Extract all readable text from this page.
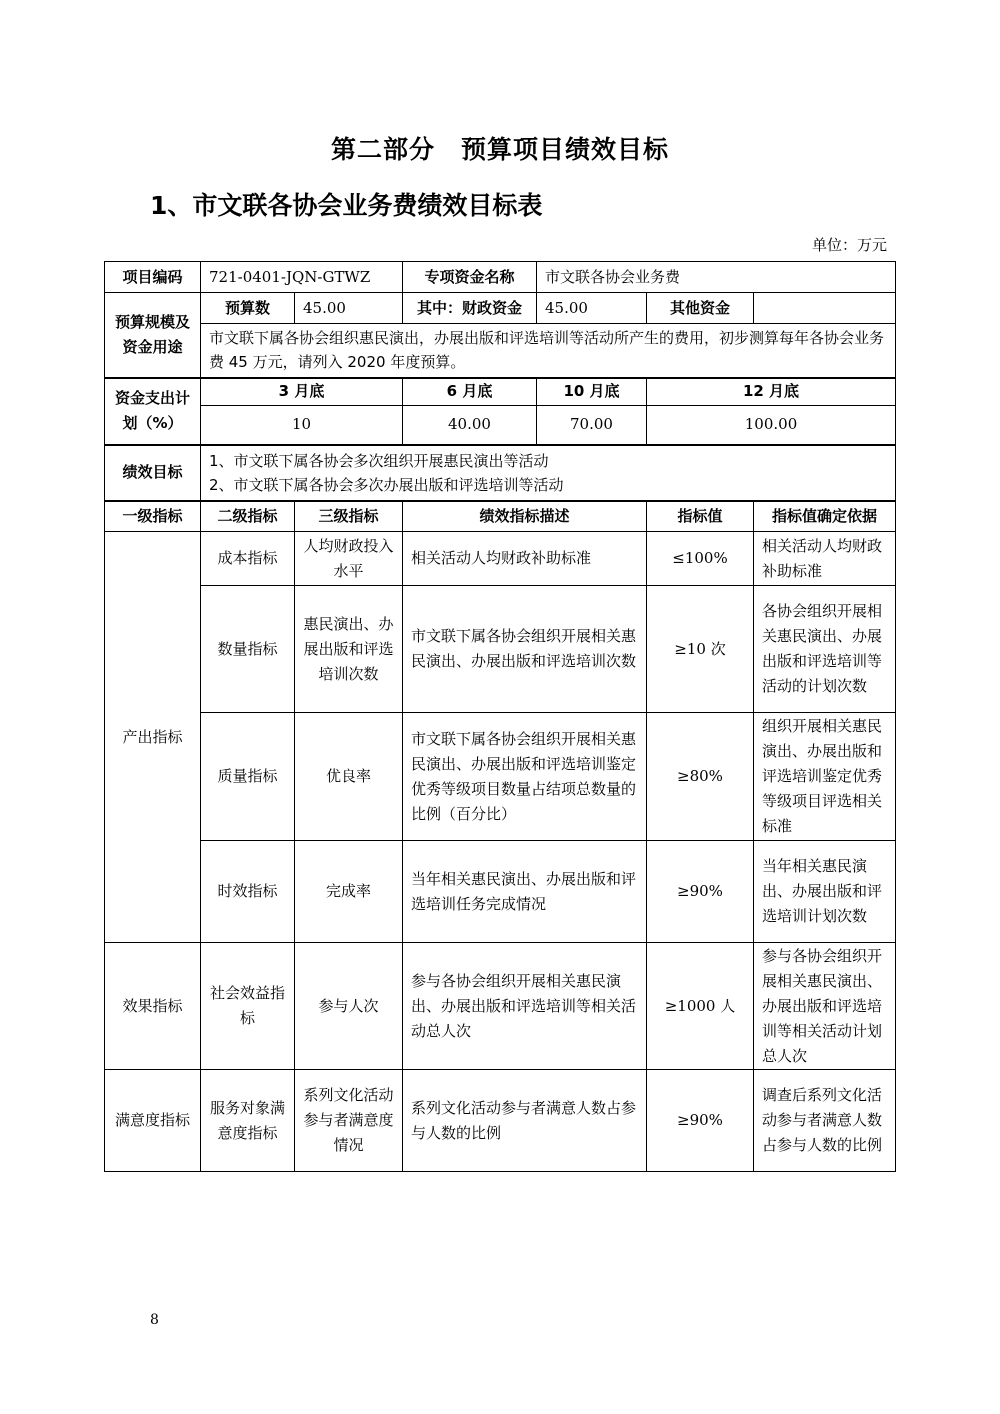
第二部分　预算项目绩效目标
1、市文联各协会业务费绩效目标表
单位：万元
项目编码	721-0401-JQN-GTWZ		专项资金名称	市文联各协会业务费		
预算规模及资金用途	预算数	45.00	其中：财政资金	45.00	其他资金	
	市文联下属各协会组织惠民演出，办展出版和评选培训等活动所产生的费用，初步测算每年各协会业务费 45 万元，请列入 2020 年度预算。					
资金支出计划（%）	3 月底		6 月底	10 月底	12 月底	
	10		40.00	70.00	100.00	
绩效目标	1、市文联下属各协会多次组织开展惠民演出等活动
2、市文联下属各协会多次办展出版和评选培训等活动					

一级指标	二级指标	三级指标	绩效指标描述		指标值	指标值确定依据
产出指标	成本指标	人均财政投入水平	相关活动人均财政补助标准		≤100%	相关活动人均财政补助标准
	数量指标	惠民演出、办展出版和评选培训次数	市文联下属各协会组织开展相关惠民演出、办展出版和评选培训次数		≥10 次	各协会组织开展相关惠民演出、办展出版和评选培训等活动的计划次数
	质量指标	优良率	市文联下属各协会组织开展相关惠民演出、办展出版和评选培训鉴定优秀等级项目数量占结项总数量的比例（百分比）		≥80%	组织开展相关惠民演出、办展出版和评选培训鉴定优秀等级项目评选相关标准
	时效指标	完成率	当年相关惠民演出、办展出版和评选培训任务完成情况		≥90%	当年相关惠民演出、办展出版和评选培训计划次数
效果指标	社会效益指标	参与人次	参与各协会组织开展相关惠民演出、办展出版和评选培训等相关活动总人次		≥1000 人	参与各协会组织开展相关惠民演出、办展出版和评选培训等相关活动计划总人次
满意度指标	服务对象满意度指标	系列文化活动参与者满意度情况	系列文化活动参与者满意人数占参与人数的比例		≥90%	调查后系列文化活动参与者满意人数占参与人数的比例
8
